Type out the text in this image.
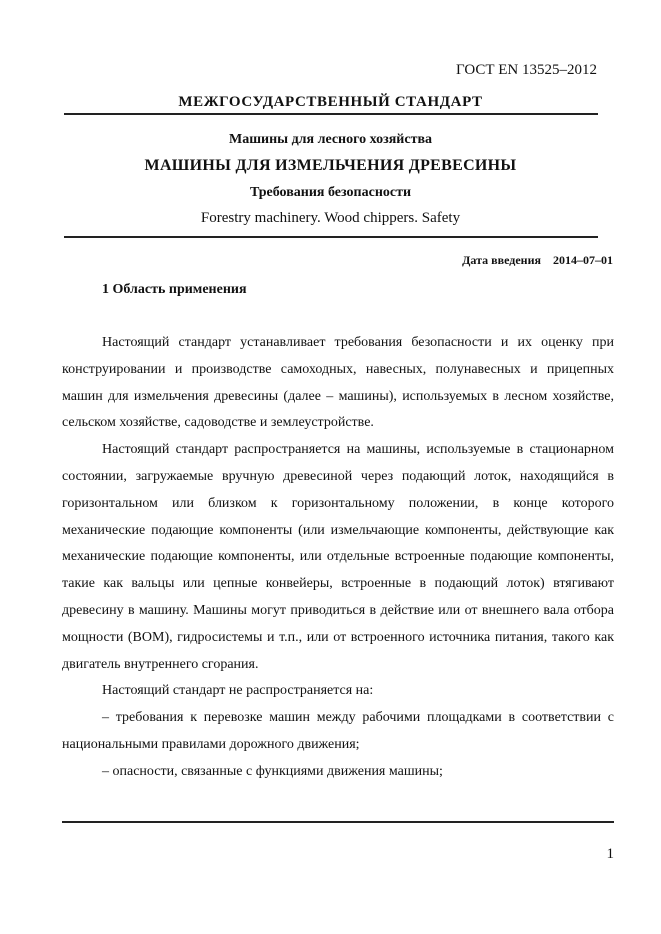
ГОСТ EN 13525–2012
МЕЖГОСУДАРСТВЕННЫЙ СТАНДАРТ
Машины для лесного хозяйства
МАШИНЫ ДЛЯ ИЗМЕЛЬЧЕНИЯ ДРЕВЕСИНЫ
Требования безопасности
Forestry machinery. Wood chippers. Safety
Дата введения 2014–07–01
1 Область применения

Настоящий стандарт устанавливает требования безопасности и их оценку при конструировании и производстве самоходных, навесных, полунавесных и прицепных машин для измельчения древесины (далее – машины), используемых в лесном хозяйстве, сельском хозяйстве, садоводстве и землеустройстве.

Настоящий стандарт распространяется на машины, используемые в стационарном состоянии, загружаемые вручную древесиной через подающий лоток, находящийся в горизонтальном или близком к горизонтальному положении, в конце которого механические подающие компоненты (или измельчающие компоненты, действующие как механические подающие компоненты, или отдельные встроенные подающие компоненты, такие как вальцы или цепные конвейеры, встроенные в подающий лоток) втягивают древесину в машину. Машины могут приводиться в действие или от внешнего вала отбора мощности (ВОМ), гидросистемы и т.п., или от встроенного источника питания, такого как двигатель внутреннего сгорания.

Настоящий стандарт не распространяется на:

– требования к перевозке машин между рабочими площадками в соответствии с национальными правилами дорожного движения;

– опасности, связанные с функциями движения машины;

1
